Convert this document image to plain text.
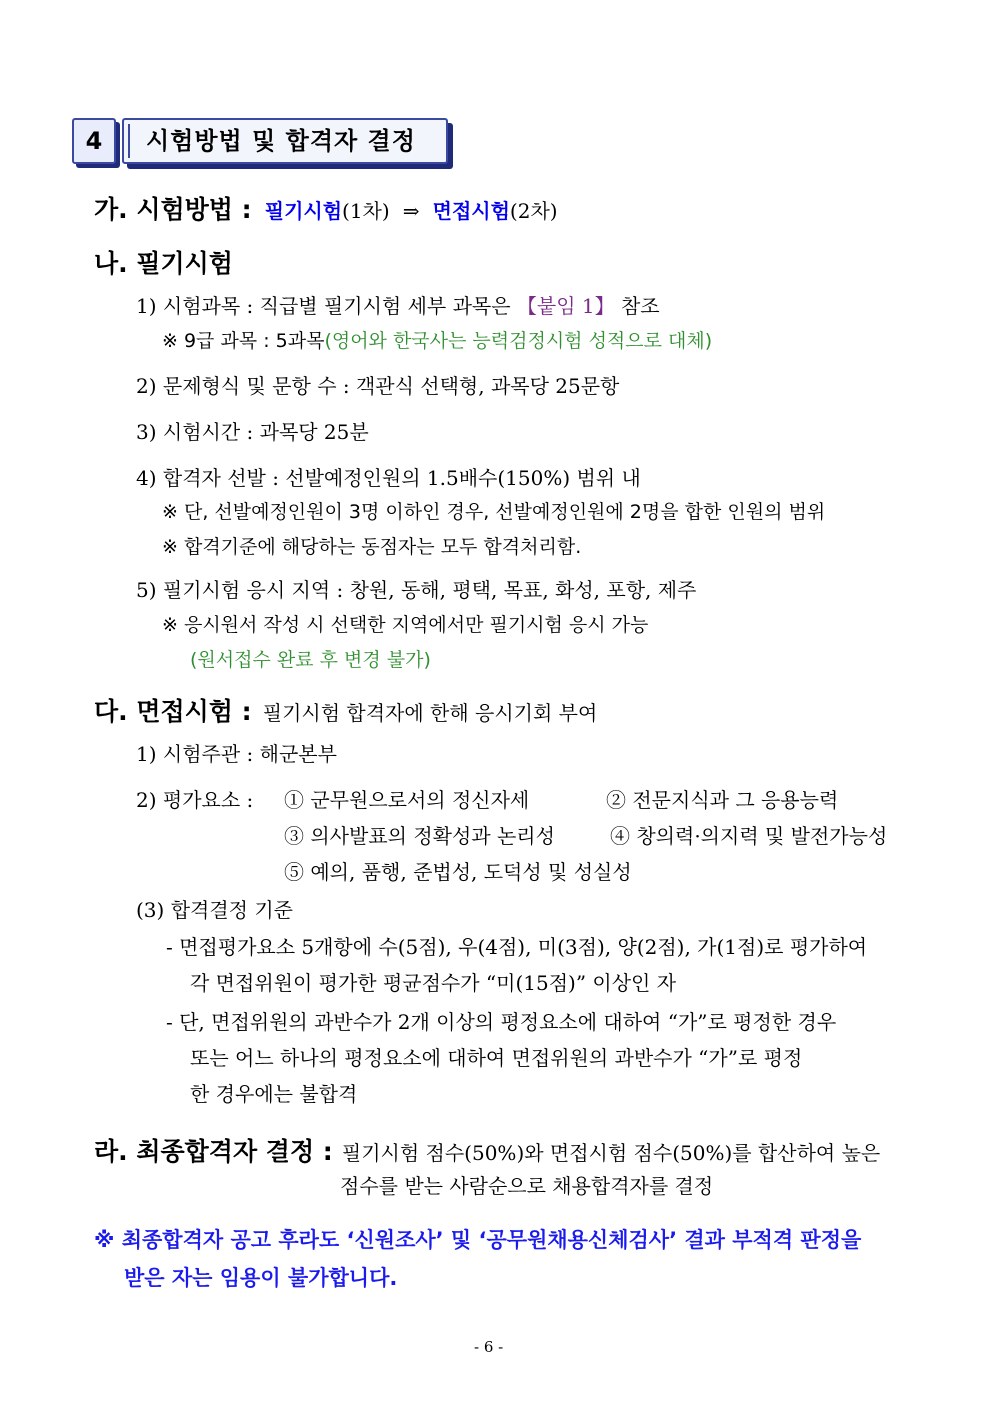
4	시험방법 및 합격자 결정
가. 시험방법 : 필기시험(1차) ⇒ 면접시험(2차)
나. 필기시험
1) 시험과목 : 직급별 필기시험 세부 과목은 【붙임 1】 참조
※ 9급 과목 : 5과목(영어와 한국사는 능력검정시험 성적으로 대체)
2) 문제형식 및 문항 수 : 객관식 선택형, 과목당 25문항
3) 시험시간 : 과목당 25분
4) 합격자 선발 : 선발예정인원의 1.5배수(150%) 범위 내
※ 단, 선발예정인원이 3명 이하인 경우, 선발예정인원에 2명을 합한 인원의 범위
※ 합격기준에 해당하는 동점자는 모두 합격처리함.
5) 필기시험 응시 지역 : 창원, 동해, 평택, 목표, 화성, 포항, 제주
※ 응시원서 작성 시 선택한 지역에서만 필기시험 응시 가능
(원서접수 완료 후 변경 불가)
다. 면접시험 : 필기시험 합격자에 한해 응시기회 부여
1) 시험주관 : 해군본부
2) 평가요소 : ① 군무원으로서의 정신자세	② 전문지식과 그 응용능력
③ 의사발표의 정확성과 논리성	④ 창의력·의지력 및 발전가능성
⑤ 예의, 품행, 준법성, 도덕성 및 성실성
(3) 합격결정 기준
- 면접평가요소 5개항에 수(5점), 우(4점), 미(3점), 양(2점), 가(1점)로 평가하여
각 면접위원이 평가한 평균점수가 “미(15점)” 이상인 자
- 단, 면접위원의 과반수가 2개 이상의 평정요소에 대하여 “가”로 평정한 경우
또는 어느 하나의 평정요소에 대하여 면접위원의 과반수가 “가”로 평정
한 경우에는 불합격
라. 최종합격자 결정 : 필기시험 점수(50%)와 면접시험 점수(50%)를 합산하여 높은
점수를 받는 사람순으로 채용합격자를 결정
※ 최종합격자 공고 후라도 ‘신원조사’ 및 ‘공무원채용신체검사’ 결과 부적격 판정을
받은 자는 임용이 불가합니다.
- 6 -
